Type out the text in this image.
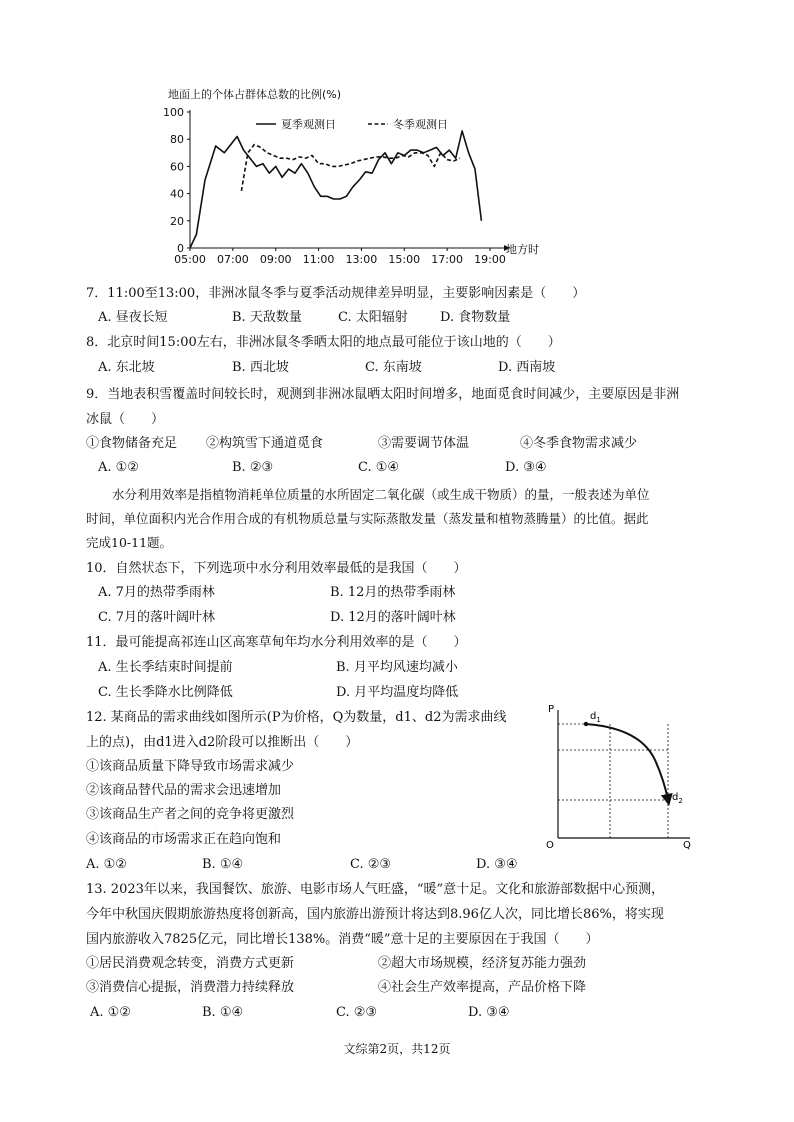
地面上的个体占群体总数的比例(%)
0
20
40
60
80
100
05:00 07:00 09:00 11:00 13:00 15:00 17:00 19:00
夏季观测日	冬季观测日
地方时
7．11:00至13:00，非洲冰鼠冬季与夏季活动规律差异明显，主要影响因素是（　　）
A. 昼夜长短	B. 天敌数量	C. 太阳辐射 D. 食物数量
8．北京时间15:00左右，非洲冰鼠冬季晒太阳的地点最可能位于该山地的（　　）
A. 东北坡	B. 西北坡	C. 东南坡	D. 西南坡
9．当地表积雪覆盖时间较长时，观测到非洲冰鼠晒太阳时间增多，地面觅食时间减少，主要原因是非洲
冰鼠（　　）
①食物储备充足 ②构筑雪下通道觅食	③需要调节体温	④冬季食物需求减少
A. ①②	B. ②③	C. ①④	D. ③④
水分利用效率是指植物消耗单位质量的水所固定二氧化碳（或生成干物质）的量，一般表述为单位
时间，单位面积内光合作用合成的有机物质总量与实际蒸散发量（蒸发量和植物蒸腾量）的比值。据此
完成10-11题。
10．自然状态下，下列选项中水分利用效率最低的是我国（　　）
A. 7月的热带季雨林	B. 12月的热带季雨林
C. 7月的落叶阔叶林	D. 12月的落叶阔叶林
11．最可能提高祁连山区高寒草甸年均水分利用效率的是（　　）
A. 生长季结束时间提前	B. 月平均风速均减小
C. 生长季降水比例降低	D. 月平均温度均降低
12. 某商品的需求曲线如图所示(P为价格，Q为数量，d1、d2为需求曲线
上的点)，由d1进入d2阶段可以推断出（　　）
①该商品质量下降导致市场需求减少
②该商品替代品的需求会迅速增加
③该商品生产者之间的竞争将更激烈
④该商品的市场需求正在趋向饱和
A. ①②	B. ①④	C. ②③	D. ③④
P
Q
O
$d_1$
$d_2$
13. 2023年以来，我国餐饮、旅游、电影市场人气旺盛，“暖”意十足。文化和旅游部数据中心预测，
今年中秋国庆假期旅游热度将创新高，国内旅游出游预计将达到8.96亿人次，同比增长86%，将实现
国内旅游收入7825亿元，同比增长138%。消费“暖”意十足的主要原因在于我国（　　）
①居民消费观念转变，消费方式更新	②超大市场规模，经济复苏能力强劲
③消费信心提振，消费潜力持续释放	④社会生产效率提高，产品价格下降
A. ①②	B. ①④	C. ②③	D. ③④
文综第2页，共12页
